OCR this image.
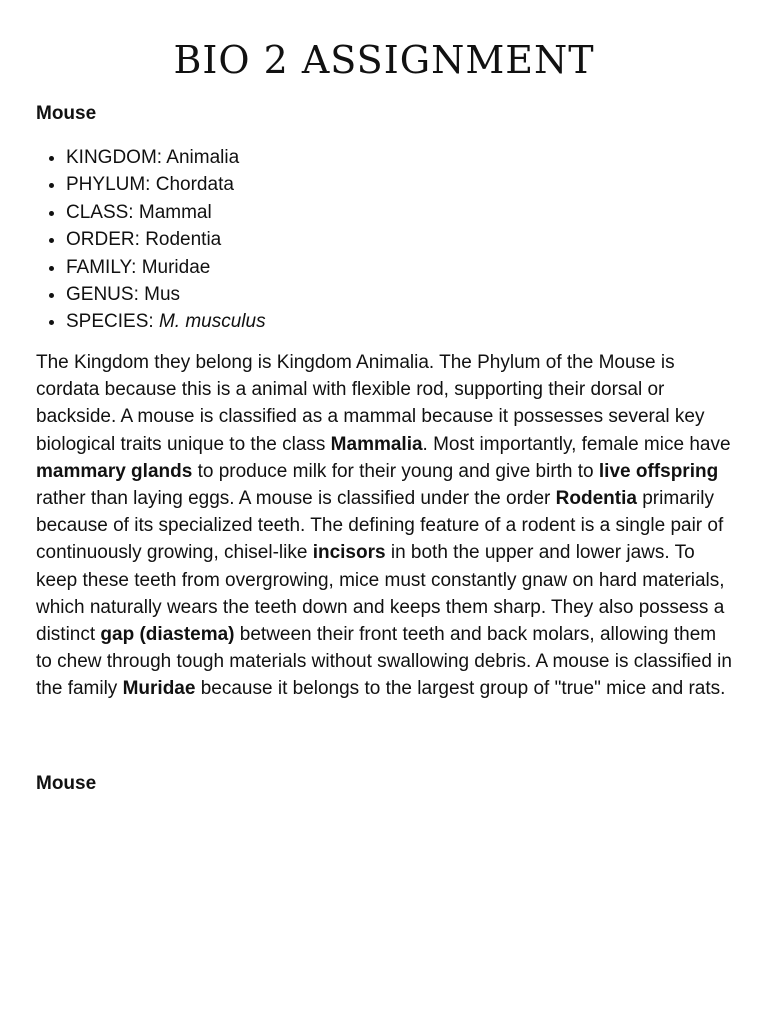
BIO 2 ASSIGNMENT
Mouse
• KINGDOM: Animalia
• PHYLUM: Chordata
• CLASS: Mammal
• ORDER: Rodentia
• FAMILY: Muridae
• GENUS: Mus
• SPECIES: M. musculus

The Kingdom they belong is Kingdom Animalia. The Phylum of the Mouse is cordata because this is a animal with flexible rod, supporting their dorsal or backside. A mouse is classified as a mammal because it possesses several key biological traits unique to the class Mammalia. Most importantly, female mice have mammary glands to produce milk for their young and give birth to live offspring rather than laying eggs. A mouse is classified under the order Rodentia primarily because of its specialized teeth. The defining feature of a rodent is a single pair of continuously growing, chisel-like incisors in both the upper and lower jaws. To keep these teeth from overgrowing, mice must constantly gnaw on hard materials, which naturally wears the teeth down and keeps them sharp. They also possess a distinct gap (diastema) between their front teeth and back molars, allowing them to chew through tough materials without swallowing debris. A mouse is classified in the family Muridae because it belongs to the largest group of "true" mice and rats.

Mouse
